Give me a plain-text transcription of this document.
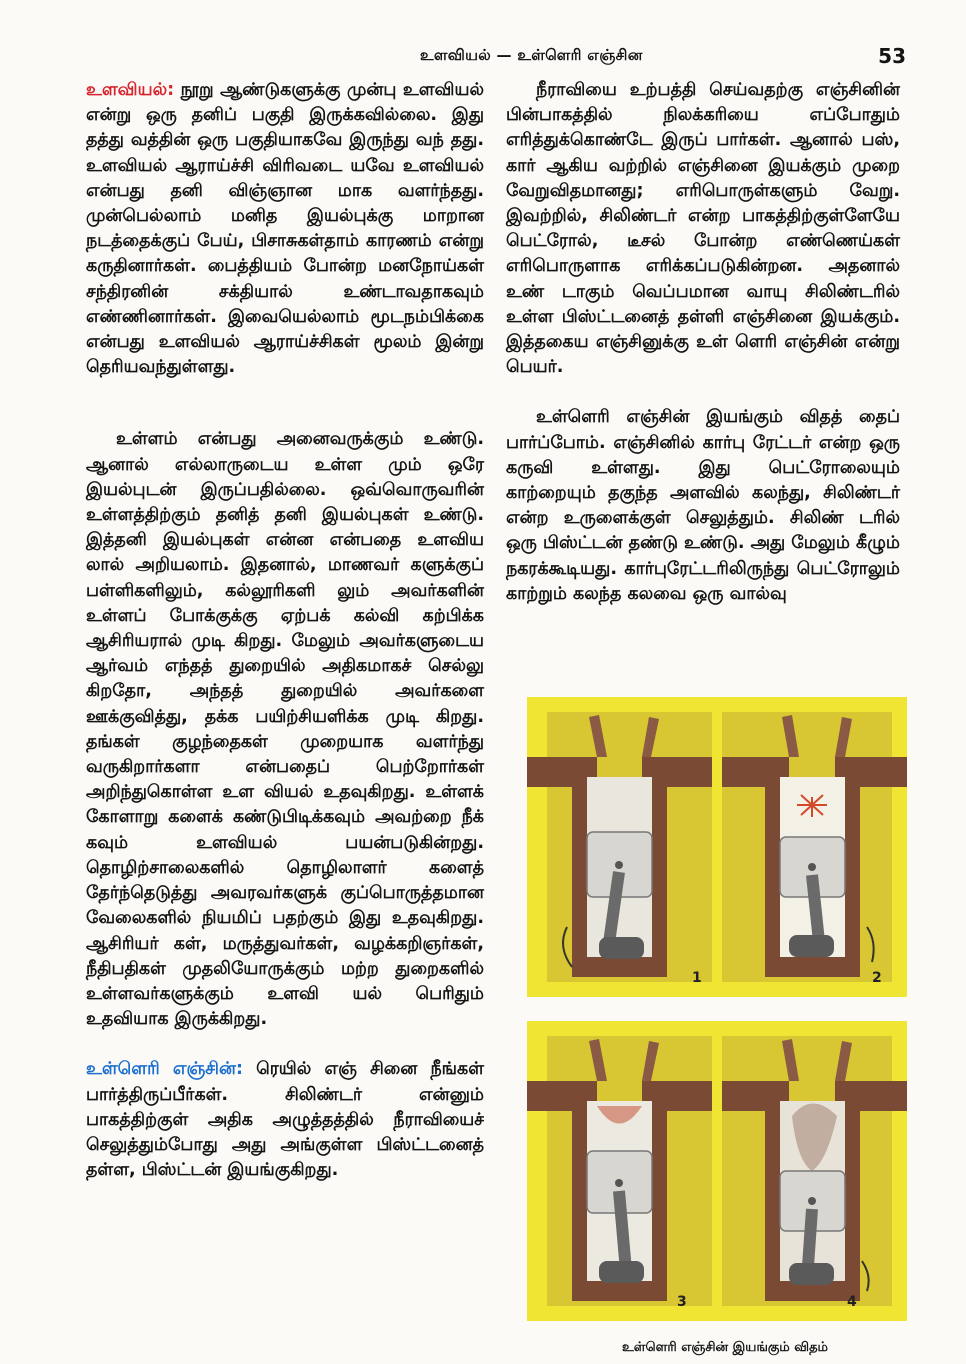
உளவியல் — உள்ளெரி எஞ்சின	53

உளவியல்: நூறு ஆண்டுகளுக்கு முன்பு உளவியல் என்று ஒரு தனிப் பகுதி இருக்கவில்லை. இது தத்து வத்தின் ஒரு பகுதியாகவே இருந்து வந் தது. உளவியல் ஆராய்ச்சி விரிவடை யவே உளவியல் என்பது தனி விஞ்ஞான மாக வளர்ந்தது. முன்பெல்லாம் மனித இயல்புக்கு மாறான நடத்தைக்குப் பேய், பிசாசுகள்தாம் காரணம் என்று கருதினார்கள். பைத்தியம் போன்ற மனநோய்கள் சந்திரனின் சக்தியால் உண்டாவதாகவும் எண்ணினார்கள். இவையெல்லாம் மூடநம்பிக்கை என்பது உளவியல் ஆராய்ச்சிகள் மூலம் இன்று தெரியவந்துள்ளது.

உள்ளம் என்பது அனைவருக்கும் உண்டு. ஆனால் எல்லாருடைய உள்ள மும் ஒரே இயல்புடன் இருப்பதில்லை. ஒவ்வொருவரின் உள்ளத்திற்கும் தனித் தனி இயல்புகள் உண்டு. இத்தனி இயல்புகள் என்ன என்பதை உளவிய லால் அறியலாம். இதனால், மாணவர் களுக்குப் பள்ளிகளிலும், கல்லூரிகளி லும் அவர்களின் உள்ளப் போக்குக்கு ஏற்பக் கல்வி கற்பிக்க ஆசிரியரால் முடி கிறது. மேலும் அவர்களுடைய ஆர்வம் எந்தத் துறையில் அதிகமாகச் செல்லு கிறதோ, அந்தத் துறையில் அவர்களை ஊக்குவித்து, தக்க பயிற்சியளிக்க முடி கிறது. தங்கள் குழந்தைகள் முறையாக வளர்ந்து வருகிறார்களா என்பதைப் பெற்றோர்கள் அறிந்துகொள்ள உள வியல் உதவுகிறது. உள்ளக் கோளாறு களைக் கண்டுபிடிக்கவும் அவற்றை நீக் கவும் உளவியல் பயன்படுகின்றது. தொழிற்சாலைகளில் தொழிலாளர் களைத் தேர்ந்தெடுத்து அவரவர்களுக் குப்பொருத்தமான வேலைகளில் நியமிப் பதற்கும் இது உதவுகிறது. ஆசிரியர் கள், மருத்துவர்கள், வழக்கறிஞர்கள், நீதிபதிகள் முதலியோருக்கும் மற்ற துறைகளில் உள்ளவர்களுக்கும் உளவி யல் பெரிதும் உதவியாக இருக்கிறது.

உள்ளெரி எஞ்சின்: ரெயில் எஞ் சினை நீங்கள் பார்த்திருப்பீர்கள். சிலிண்டர் என்னும் பாகத்திற்குள் அதிக அழுத்தத்தில் நீராவியைச் செலுத்தும்போது அது அங்குள்ள பிஸ்ட்டனைத் தள்ள, பிஸ்ட்டன் இயங்குகிறது.

நீராவியை உற்பத்தி செய்வதற்கு எஞ்சினின் பின்பாகத்தில் நிலக்கரியை எப்போதும் எரித்துக்கொண்டே இருப் பார்கள். ஆனால் பஸ், கார் ஆகிய வற்றில் எஞ்சினை இயக்கும் முறை வேறுவிதமானது; எரிபொருள்களும் வேறு. இவற்றில், சிலிண்டர் என்ற பாகத்திற்குள்ளேயே பெட்ரோல், டீசல் போன்ற எண்ணெய்கள் எரிபொருளாக எரிக்கப்படுகின்றன. அதனால் உண் டாகும் வெப்பமான வாயு சிலிண்டரில் உள்ள பிஸ்ட்டனைத் தள்ளி எஞ்சினை இயக்கும். இத்தகைய எஞ்சினுக்கு உள் ளெரி எஞ்சின் என்று பெயர்.

உள்ளெரி எஞ்சின் இயங்கும் விதத் தைப் பார்ப்போம். எஞ்சினில் கார்பு ரேட்டர் என்ற ஒரு கருவி உள்ளது. இது பெட்ரோலையும் காற்றையும் தகுந்த அளவில் கலந்து, சிலிண்டர் என்ற உருளைக்குள் செலுத்தும். சிலிண் டரில் ஒரு பிஸ்ட்டன் தண்டு உண்டு. அது மேலும் கீழும் நகரக்கூடியது. கார்புரேட்டரிலிருந்து பெட்ரோலும் காற்றும் கலந்த கலவை ஒரு வால்வு

1	2
3	4
உள்ளெரி எஞ்சின் இயங்கும் விதம்
